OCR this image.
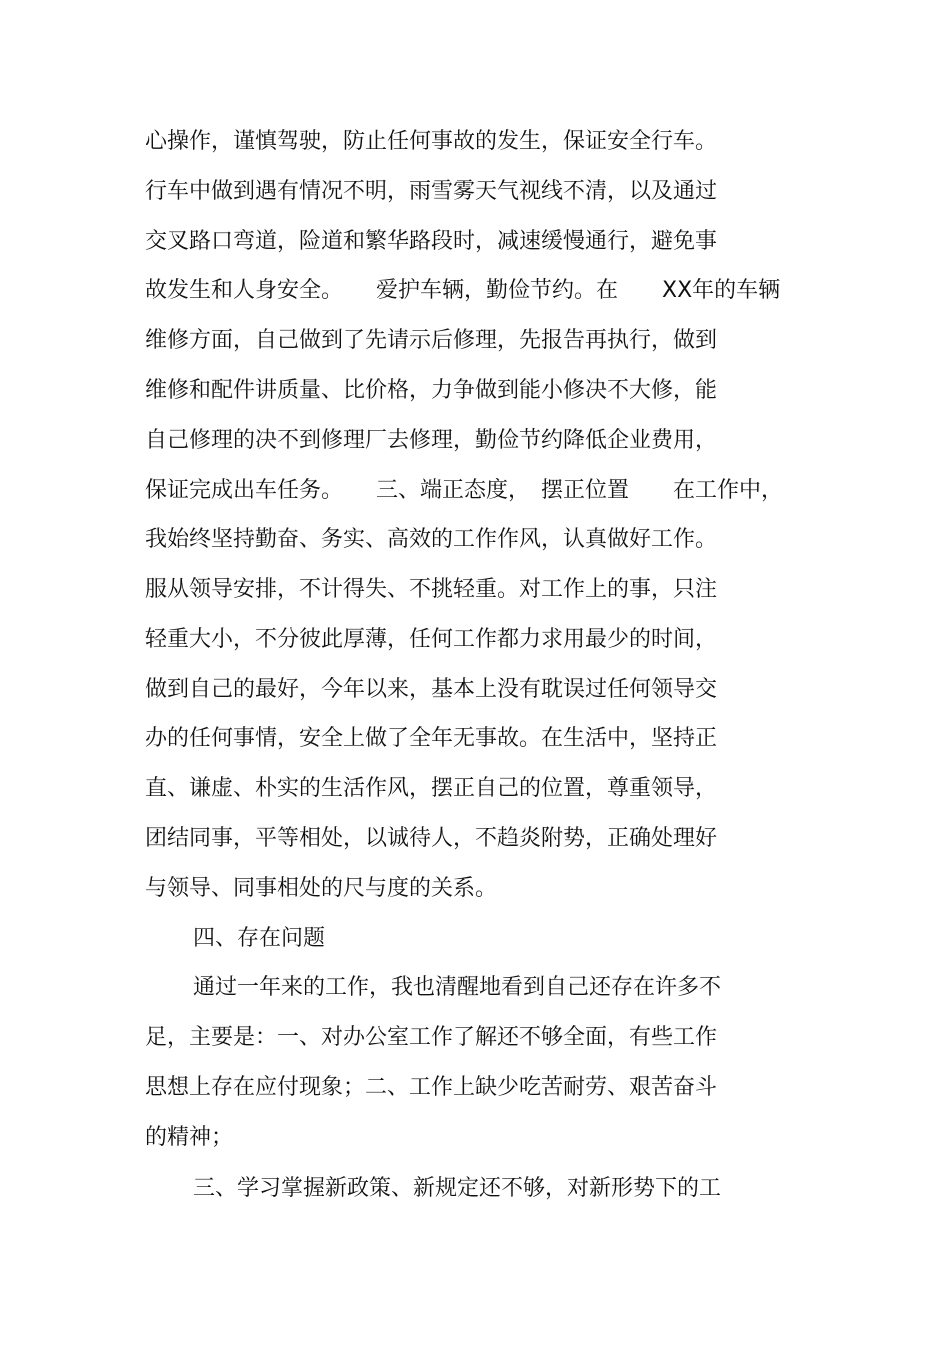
心操作，谨慎驾驶，防止任何事故的发生，保证安全行车。
行车中做到遇有情况不明，雨雪雾天气视线不清，以及通过
交叉路口弯道，险道和繁华路段时，减速缓慢通行，避免事
故发生和人身安全。　　爱护车辆，勤俭节约。在　　XX年的车辆
维修方面，自己做到了先请示后修理，先报告再执行，做到
维修和配件讲质量、比价格，力争做到能小修决不大修，能
自己修理的决不到修理厂去修理，勤俭节约降低企业费用，
保证完成出车任务。　　三、端正态度，　摆正位置　　在工作中，
我始终坚持勤奋、务实、高效的工作作风，认真做好工作。
服从领导安排，不计得失、不挑轻重。对工作上的事，只注
轻重大小，不分彼此厚薄，任何工作都力求用最少的时间，
做到自己的最好，今年以来，基本上没有耽误过任何领导交
办的任何事情，安全上做了全年无事故。在生活中，坚持正
直、谦虚、朴实的生活作风，摆正自己的位置，尊重领导，
团结同事，平等相处，以诚待人，不趋炎附势，正确处理好
与领导、同事相处的尺与度的关系。
四、存在问题
通过一年来的工作，我也清醒地看到自己还存在许多不
足，主要是：一、对办公室工作了解还不够全面，有些工作
思想上存在应付现象；二、工作上缺少吃苦耐劳、艰苦奋斗
的精神；
三、学习掌握新政策、新规定还不够，对新形势下的工
